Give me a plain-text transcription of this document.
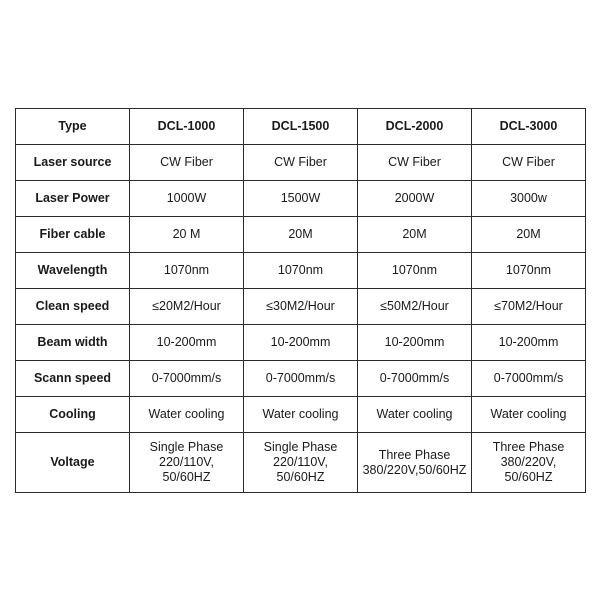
Type	DCL-1000	DCL-1500	DCL-2000	DCL-3000
Laser source	CW Fiber	CW Fiber	CW Fiber	CW Fiber
Laser Power	1000W	1500W	2000W	3000w
Fiber cable	20 M	20M	20M	20M
Wavelength	1070nm	1070nm	1070nm	1070nm
Clean speed	≤20M2/Hour	≤30M2/Hour	≤50M2/Hour	≤70M2/Hour
Beam width	10-200mm	10-200mm	10-200mm	10-200mm
Scann speed	0-7000mm/s	0-7000mm/s	0-7000mm/s	0-7000mm/s
Cooling	Water cooling	Water cooling	Water cooling	Water cooling
Voltage	Single Phase
220/110V,
50/60HZ	Single Phase
220/110V,
50/60HZ	Three Phase
380/220V,50/60HZ	Three Phase
380/220V,
50/60HZ
